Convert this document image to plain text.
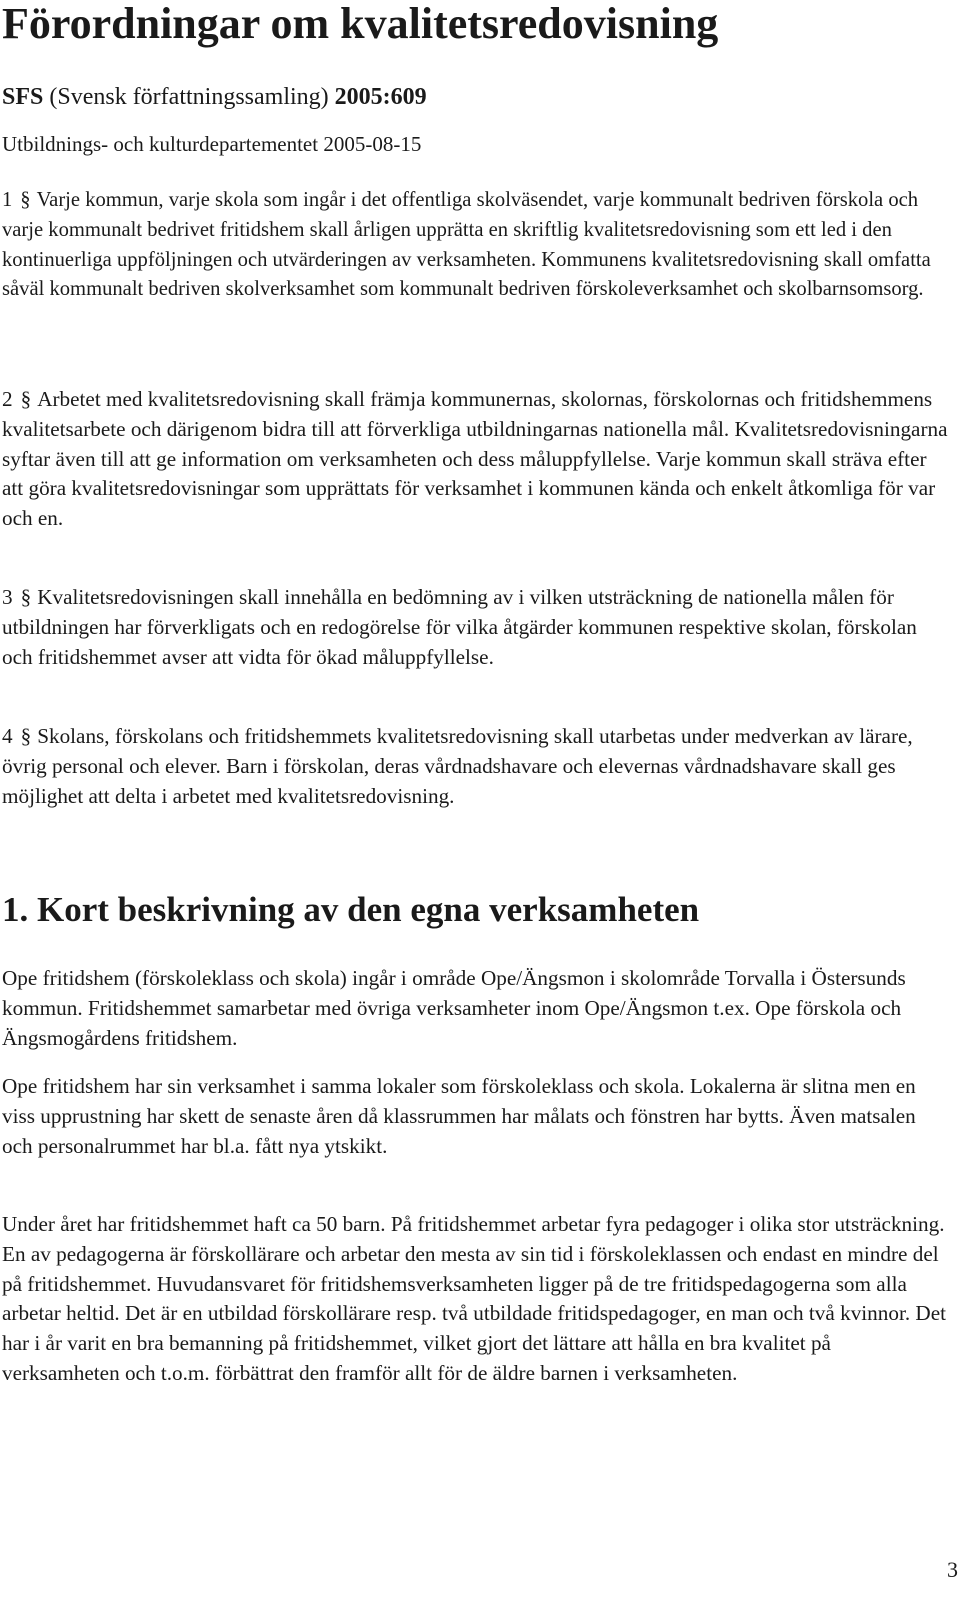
Förordningar om kvalitetsredovisning
SFS (Svensk författningssamling) 2005:609
Utbildnings- och kulturdepartementet 2005-08-15

1 § Varje kommun, varje skola som ingår i det offentliga skolväsendet, varje kommunalt bedriven förskola och varje kommunalt bedrivet fritidshem skall årligen upprätta en skriftlig kvalitetsredovisning som ett led i den kontinuerliga uppföljningen och utvärderingen av verksamheten. Kommunens kvalitetsredovisning skall omfatta såväl kommunalt bedriven skolverksamhet som kommunalt bedriven förskoleverksamhet och skolbarnsomsorg.

2 § Arbetet med kvalitetsredovisning skall främja kommunernas, skolornas, förskolornas och fritidshemmens kvalitetsarbete och därigenom bidra till att förverkliga utbildningarnas nationella mål. Kvalitetsredovisningarna syftar även till att ge information om verksamheten och dess måluppfyllelse. Varje kommun skall sträva efter att göra kvalitetsredovisningar som upprättats för verksamhet i kommunen kända och enkelt åtkomliga för var och en.

3 § Kvalitetsredovisningen skall innehålla en bedömning av i vilken utsträckning de nationella målen för utbildningen har förverkligats och en redogörelse för vilka åtgärder kommunen respektive skolan, förskolan och fritidshemmet avser att vidta för ökad måluppfyllelse.

4 § Skolans, förskolans och fritidshemmets kvalitetsredovisning skall utarbetas under medverkan av lärare, övrig personal och elever. Barn i förskolan, deras vårdnadshavare och elevernas vårdnadshavare skall ges möjlighet att delta i arbetet med kvalitetsredovisning.

1. Kort beskrivning av den egna verksamheten

Ope fritidshem (förskoleklass och skola) ingår i område Ope/Ängsmon i skolområde Torvalla i Östersunds kommun. Fritidshemmet samarbetar med övriga verksamheter inom Ope/Ängsmon t.ex. Ope förskola och Ängsmogårdens fritidshem.

Ope fritidshem har sin verksamhet i samma lokaler som förskoleklass och skola. Lokalerna är slitna men en viss upprustning har skett de senaste åren då klassrummen har målats och fönstren har bytts. Även matsalen och personalrummet har bl.a. fått nya ytskikt.

Under året har fritidshemmet haft ca 50 barn. På fritidshemmet arbetar fyra pedagoger i olika stor utsträckning. En av pedagogerna är förskollärare och arbetar den mesta av sin tid i förskoleklassen och endast en mindre del på fritidshemmet. Huvudansvaret för fritidshemsverksamheten ligger på de tre fritidspedagogerna som alla arbetar heltid. Det är en utbildad förskollärare resp. två utbildade fritidspedagoger, en man och två kvinnor. Det har i år varit en bra bemanning på fritidshemmet, vilket gjort det lättare att hålla en bra kvalitet på verksamheten och t.o.m. förbättrat den framför allt för de äldre barnen i verksamheten.

3
